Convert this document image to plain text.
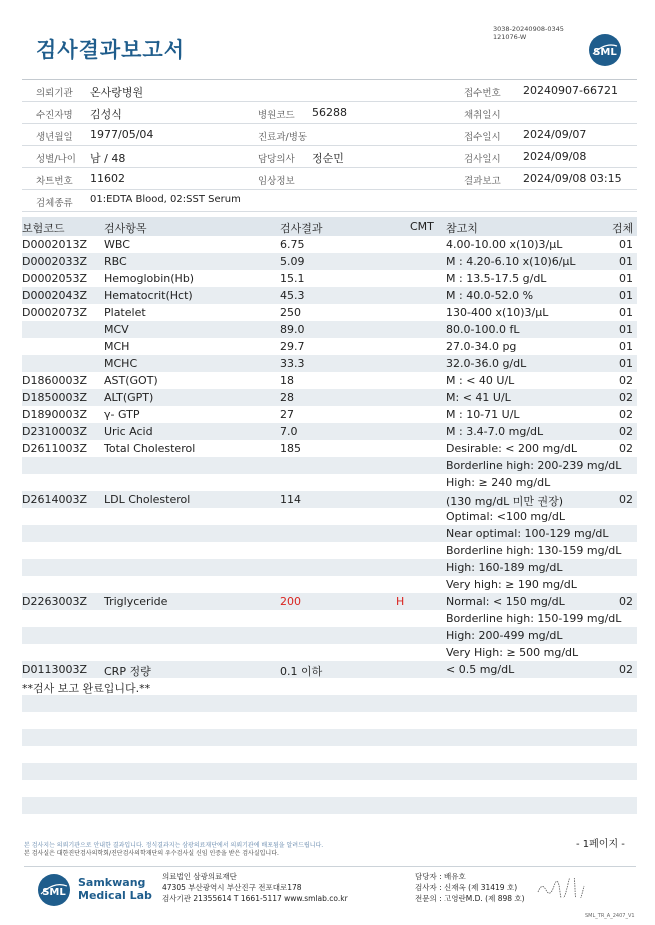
검사결과보고서
3038-20240908-0345
121076-W
SML
의뢰기관 온사랑병원	접수번호 20240907-66721
수진자명 김성식	병원코드 56288	채취일시
생년월일 1977/05/04	진료과/병동	접수일시 2024/09/07
성별/나이 남 / 48	담당의사 정순민	검사일시 2024/09/08
차트번호 11602	임상정보	결과보고 2024/09/08 03:15
검체종류 01:EDTA Blood, 02:SST Serum
보험코드	검사항목	검사결과	CMT 참고치	검체
D0002013Z WBC	6.75	4.00-10.00 x(10)3/μL	01
D0002033Z RBC	5.09	M : 4.20-6.10 x(10)6/μL	01
D0002053Z Hemoglobin(Hb)	15.1	M : 13.5-17.5 g/dL	01
D0002043Z Hematocrit(Hct)	45.3	M : 40.0-52.0 %	01
D0002073Z Platelet	250	130-400 x(10)3/μL	01
MCV	89.0	80.0-100.0 fL	01
MCH	29.7	27.0-34.0 pg	01
MCHC	33.3	32.0-36.0 g/dL	01
D1860003Z AST(GOT)	18	M : < 40 U/L	02
D1850003Z ALT(GPT)	28	M: < 41 U/L	02
D1890003Z γ- GTP	27	M : 10-71 U/L	02
D2310003Z Uric Acid	7.0	M : 3.4-7.0 mg/dL	02
D2611003Z Total Cholesterol	185	Desirable: < 200 mg/dL	02
Borderline high: 200-239 mg/dL
High: ≥ 240 mg/dL
D2614003Z LDL Cholesterol	114	(130 mg/dL 미만 권장)	02
Optimal: <100 mg/dL
Near optimal: 100-129 mg/dL
Borderline high: 130-159 mg/dL
High: 160-189 mg/dL
Very high: ≥ 190 mg/dL
D2263003Z Triglyceride	200	H	Normal: < 150 mg/dL	02
Borderline high: 150-199 mg/dL
High: 200-499 mg/dL
Very High: ≥ 500 mg/dL
D0113003Z CRP 정량	0.1 이하	< 0.5 mg/dL	02
**검사 보고 완료입니다.**
- 1페이지 -
본 검사지는 의뢰기관으로 안내한 결과입니다. 정식결과지는 삼광의료재단에서 의뢰기관에 배포됨을 알려드립니다.
본 검사실은 대한진단검사의학회/진단검사의학재단의 우수검사실 신임 인증을 받은 검사실입니다.
SML
Samkwang
Medical Lab
의료법인 삼광의료재단
47305 부산광역시 부산진구 전포대로178
검사기관 21355614 T 1661-5117 www.smlab.co.kr
담당자 : 배유호
검사자 : 신재옥 (제 31419 호)
전문의 : 고영란M.D. (제 898 호)
SML_TR_A_2407_V1
